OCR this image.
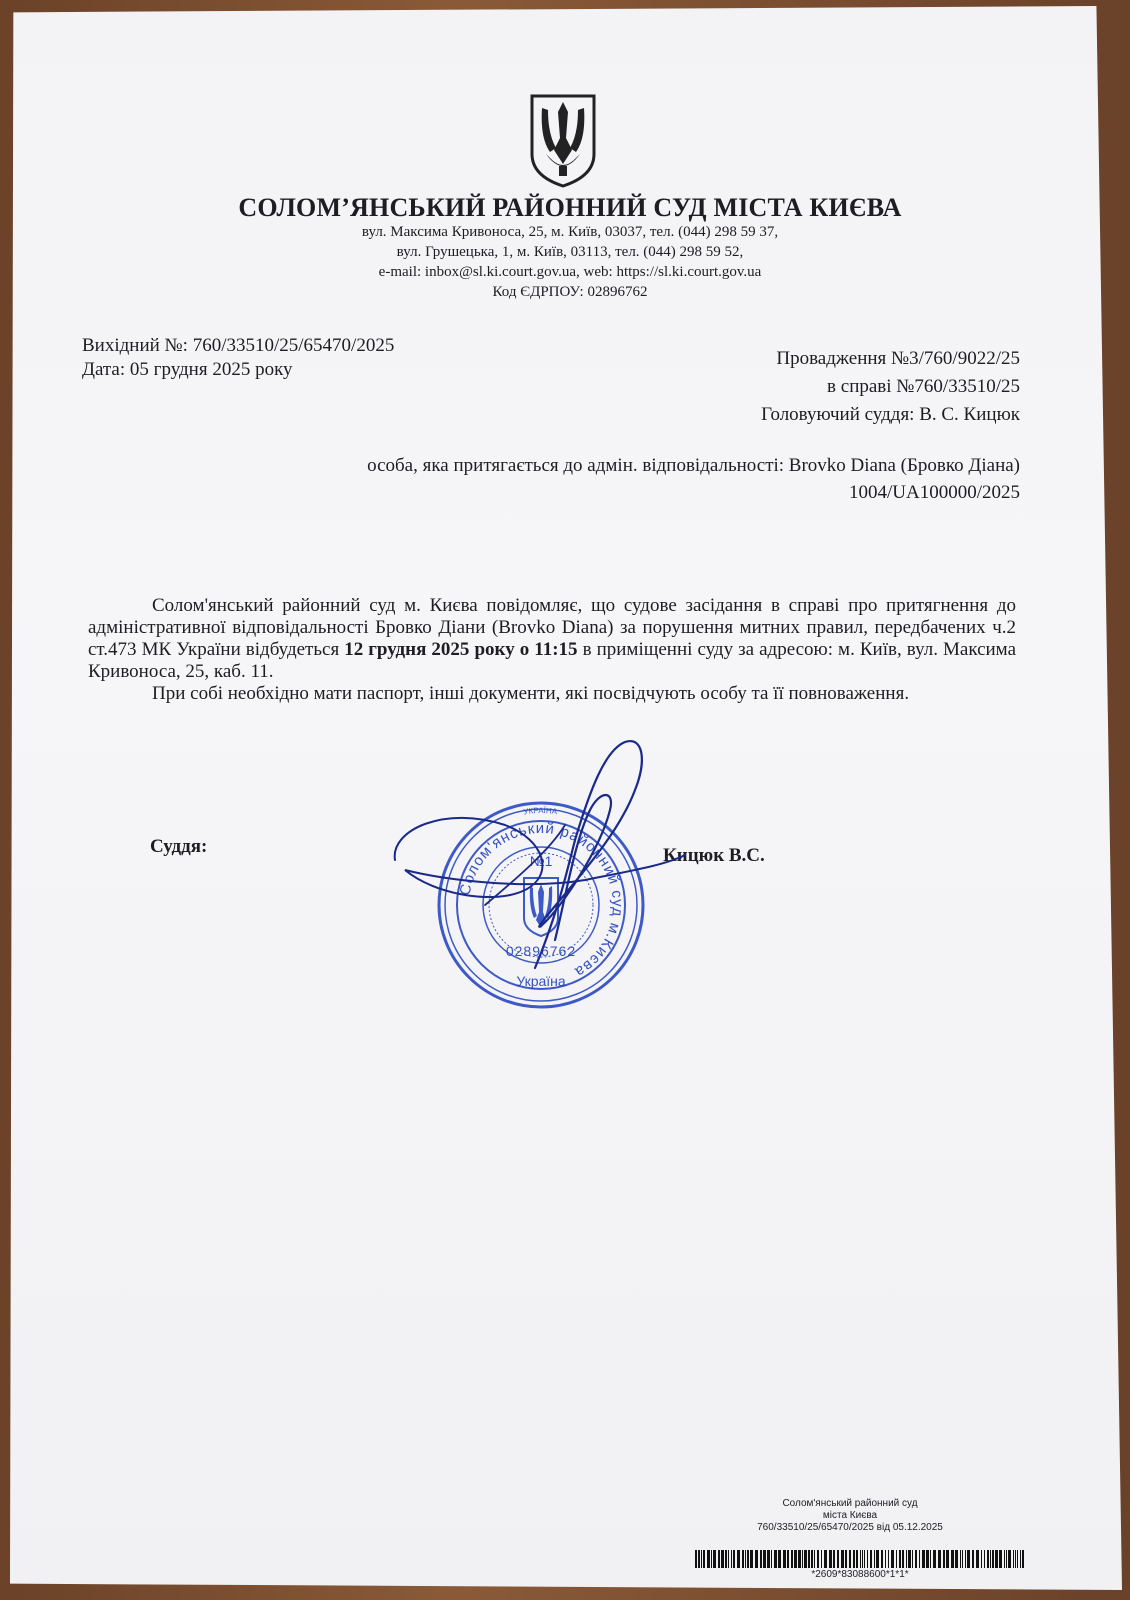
СОЛОМ’ЯНСЬКИЙ РАЙОННИЙ СУД МІСТА КИЄВА
вул. Максима Кривоноса, 25, м. Київ, 03037, тел. (044) 298 59 37,
вул. Грушецька, 1, м. Київ, 03113, тел. (044) 298 59 52,
e-mail: inbox@sl.ki.court.gov.ua, web: https://sl.ki.court.gov.ua
Код ЄДРПОУ: 02896762
Вихідний №: 760/33510/25/65470/2025
Дата: 05 грудня 2025 року
Провадження №3/760/9022/25
в справі №760/33510/25
Головуючий суддя: В. С. Кицюк
особа, яка притягається до адмін. відповідальності: Brovko Diana (Бровко Діана)
1004/UA100000/2025

Солом'янський районний суд м. Києва повідомляє, що судове засідання в справі про притягнення до адміністративної відповідальності Бровко Діани (Brovko Diana) за порушення митних правил, передбачених ч.2 ст.473 МК України відбудеться 12 грудня 2025 року о 11:15 в приміщенні суду за адресою: м. Київ, вул. Максима Кривоноса, 25, каб. 11.

При собі необхідно мати паспорт, інші документи, які посвідчують особу та її повноваження.

Суддя:	Кицюк В.С.
УКРАЇНА
Солом'янський районний суд м.Києва
№1
02896762
Україна
Солом'янський районний суд
міста Києва
760/33510/25/65470/2025 від 05.12.2025
*2609*83088600*1*1*
